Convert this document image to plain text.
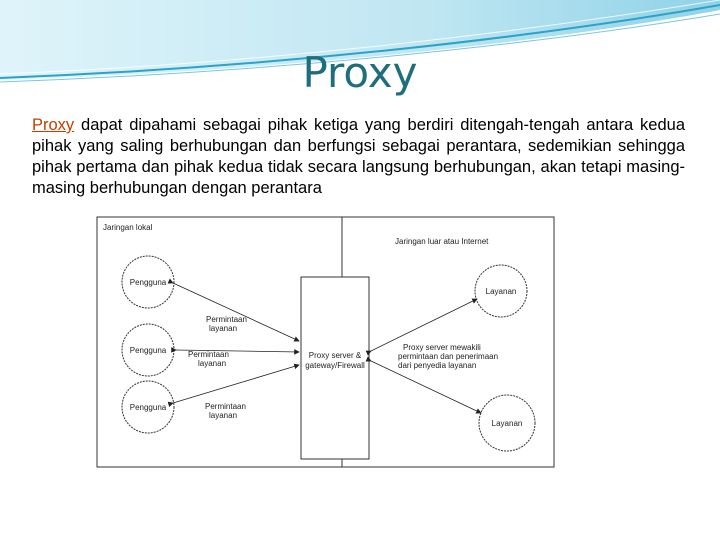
Proxy

Proxy dapat dipahami sebagai pihak ketiga yang berdiri ditengah-tengah antara kedua pihak yang saling berhubungan dan berfungsi sebagai perantara, sedemikian sehingga pihak pertama dan pihak kedua tidak secara langsung berhubungan, akan tetapi masing-masing berhubungan dengan perantara

Jaringan lokal
Jaringan luar atau Internet
Pengguna
Pengguna
Pengguna
Proxy server &
gateway/Firewall
Layanan
Layanan
Permintaan
layanan
Permintaan
layanan
Permintaan
layanan
Proxy server mewakili
permintaan dan penerimaan
dari penyedia layanan
